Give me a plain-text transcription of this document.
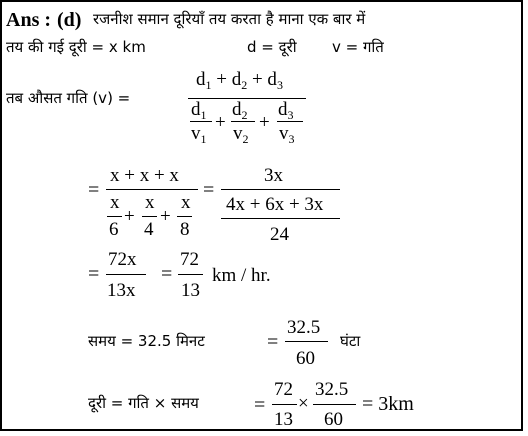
Ans : (d) रजनीश समान दूरियाँ तय करता है माना एक बार में
तय की गई दूरी = x km	d = दूरी v = गति
तब औसत गति (v) =
$d_1 + d_2 + d_3$
$d_1$
$v_1$
+
$d_2$
$v_2$
+
$d_3$
$v_3$
=
x + x + x
x
6
+
x
4
+
x
8
=
3x
4x + 6x + 3x
24
=
72x
13x
=
72
13
km / hr.
समय = 32.5 मिनट	=
32.5
60
घंटा
दूरी = गति × समय	=
72
13
×
32.5
60
= 3km
